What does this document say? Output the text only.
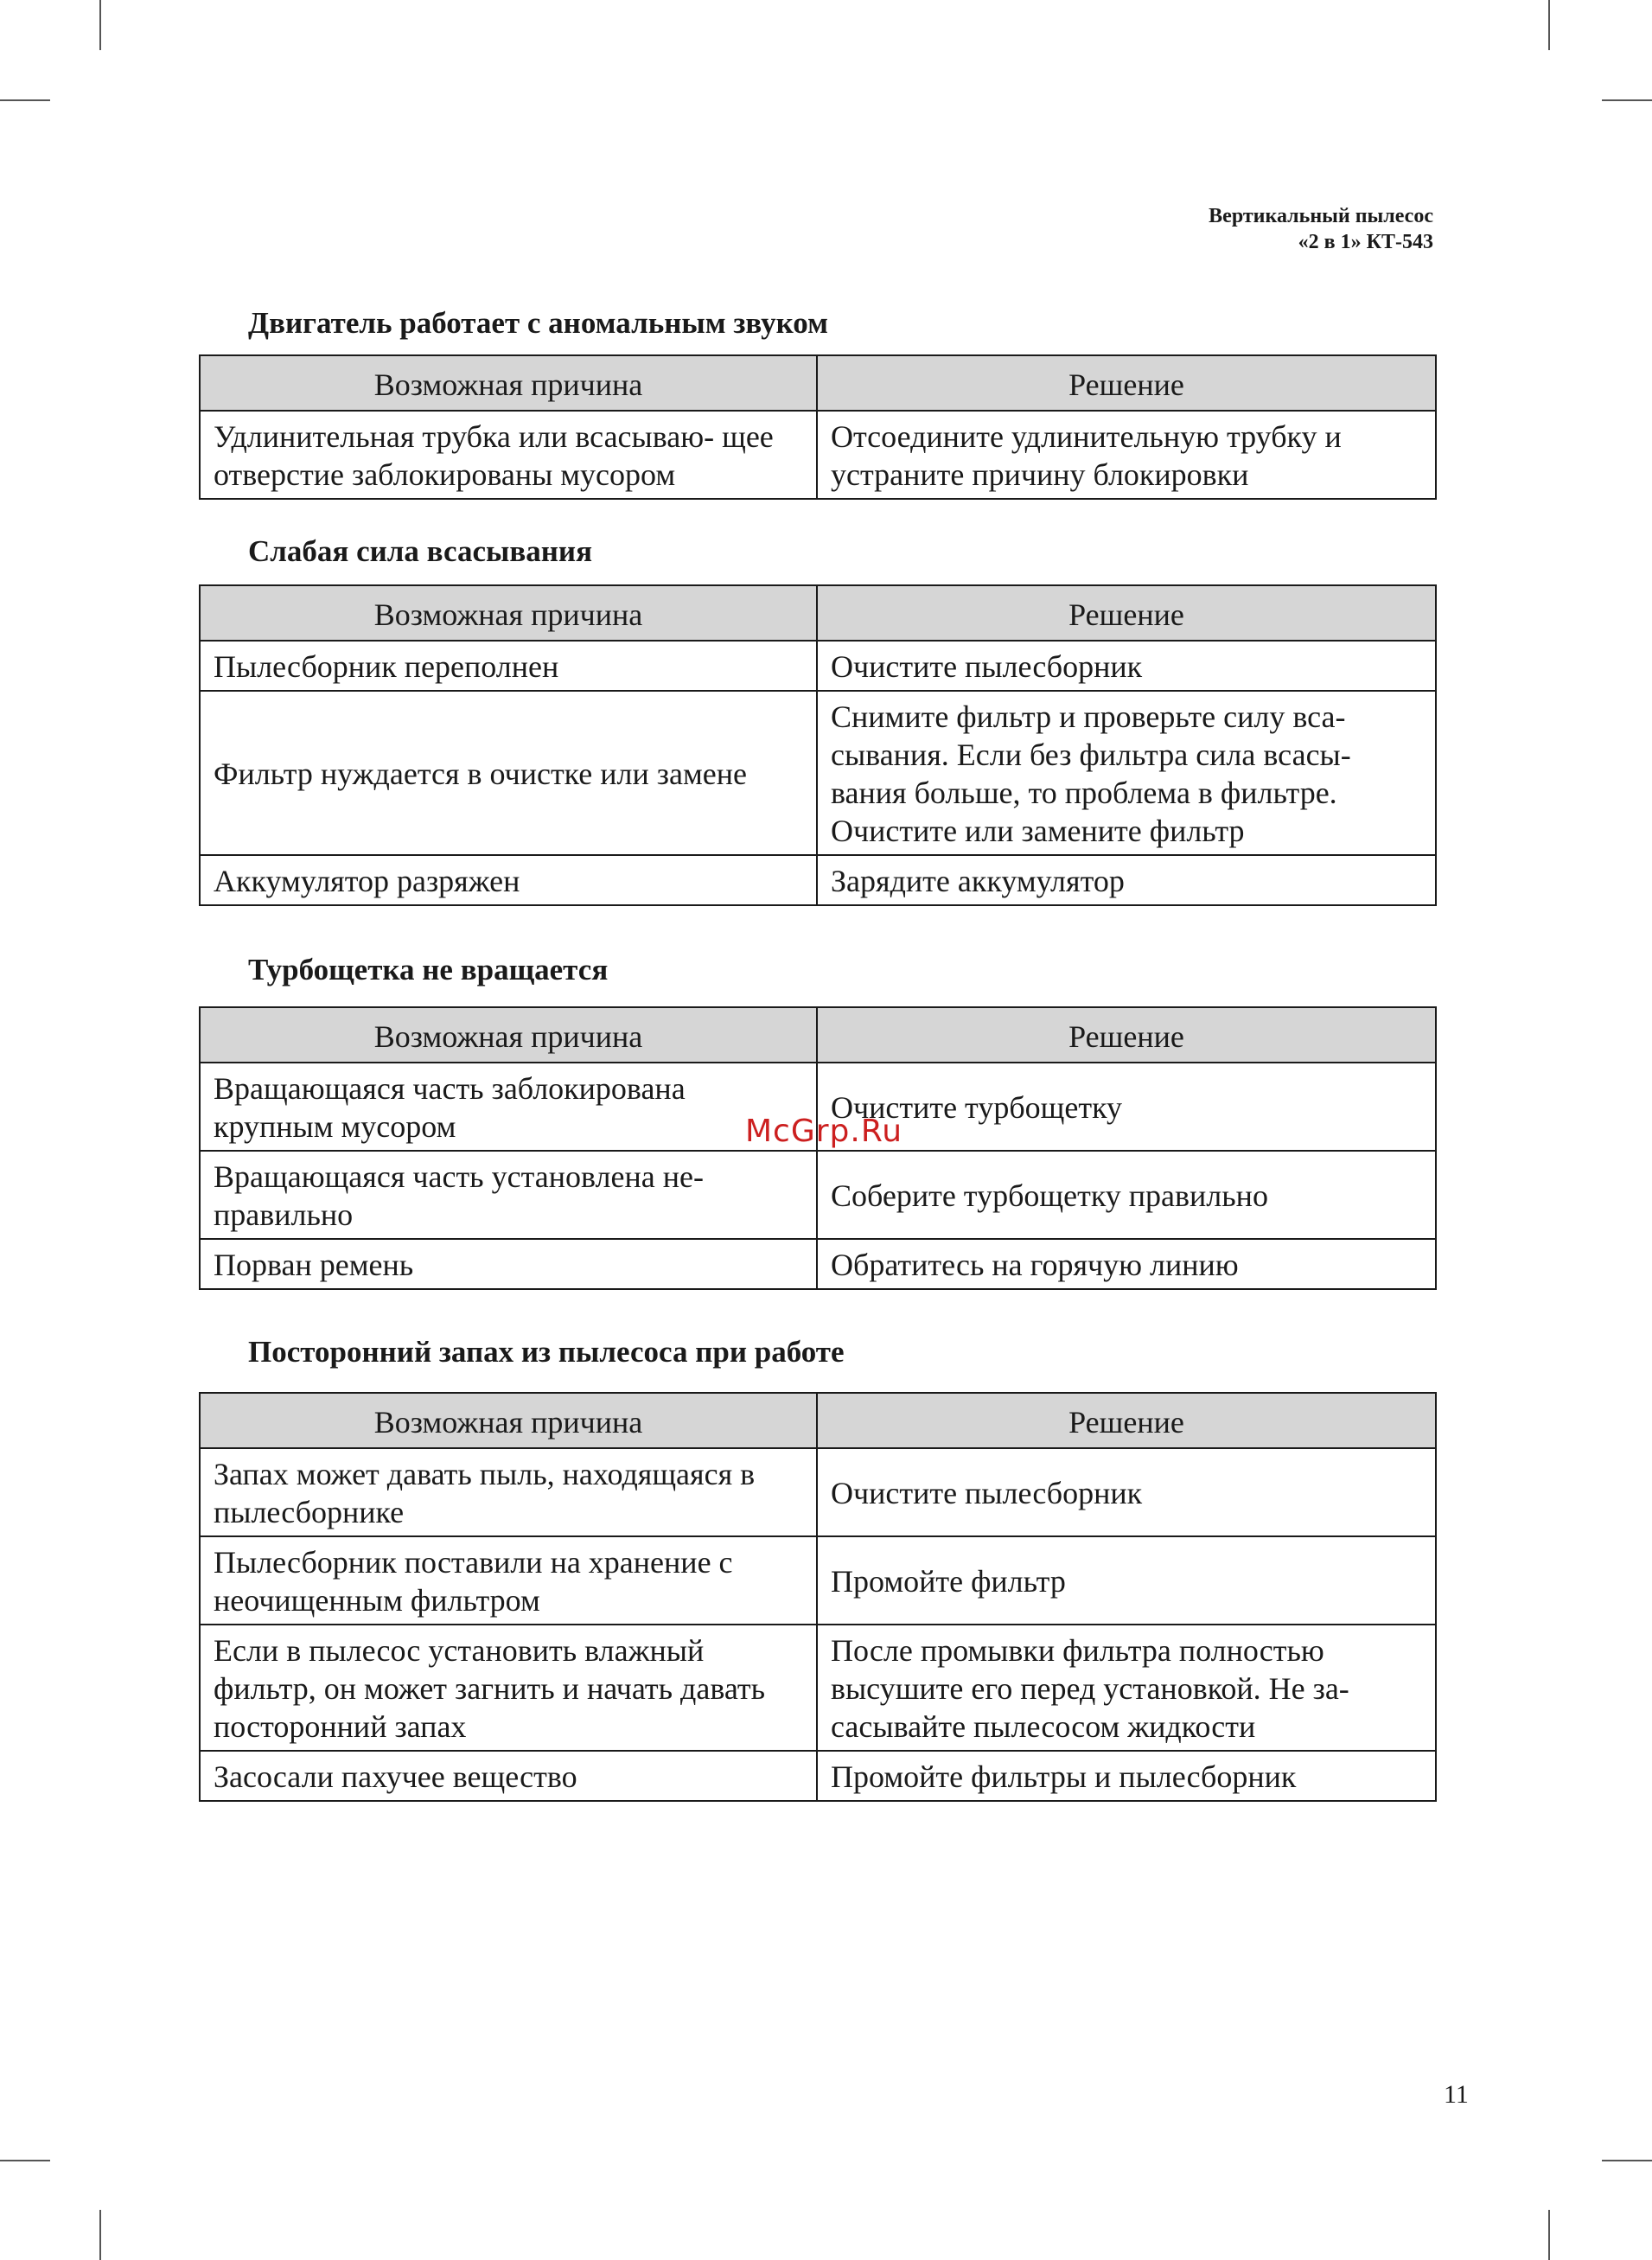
Вертикальный пылесос
«2 в 1» КТ-543
Двигатель работает с аномальным звуком
Возможная причина	Решение
Удлинительная трубка или всасываю- щее отверстие заблокированы мусором	Отсоедините удлинительную трубку и устраните причину блокировки
Слабая сила всасывания
Возможная причина	Решение
Пылесборник переполнен	Очистите пылесборник
Фильтр нуждается в очистке или замене	Снимите фильтр и проверьте силу вса- сывания. Если без фильтра сила всасы- вания больше, то проблема в фильтре. Очистите или замените фильтр
Аккумулятор разряжен	Зарядите аккумулятор
Турбощетка не вращается
Возможная причина	Решение
Вращающаяся часть заблокирована крупным мусором	Очистите турбощетку
Вращающаяся часть установлена не- правильно	Соберите турбощетку правильно
Порван ремень	Обратитесь на горячую линию
Посторонний запах из пылесоса при работе
Возможная причина	Решение
Запах может давать пыль, находящаяся в пылесборнике	Очистите пылесборник
Пылесборник поставили на хранение с неочищенным фильтром	Промойте фильтр
Если в пылесос установить влажный фильтр, он может загнить и начать давать посторонний запах	После промывки фильтра полностью высушите его перед установкой. Не за- сасывайте пылесосом жидкости
Засосали пахучее вещество	Промойте фильтры и пылесборник
McGrp.Ru
11
